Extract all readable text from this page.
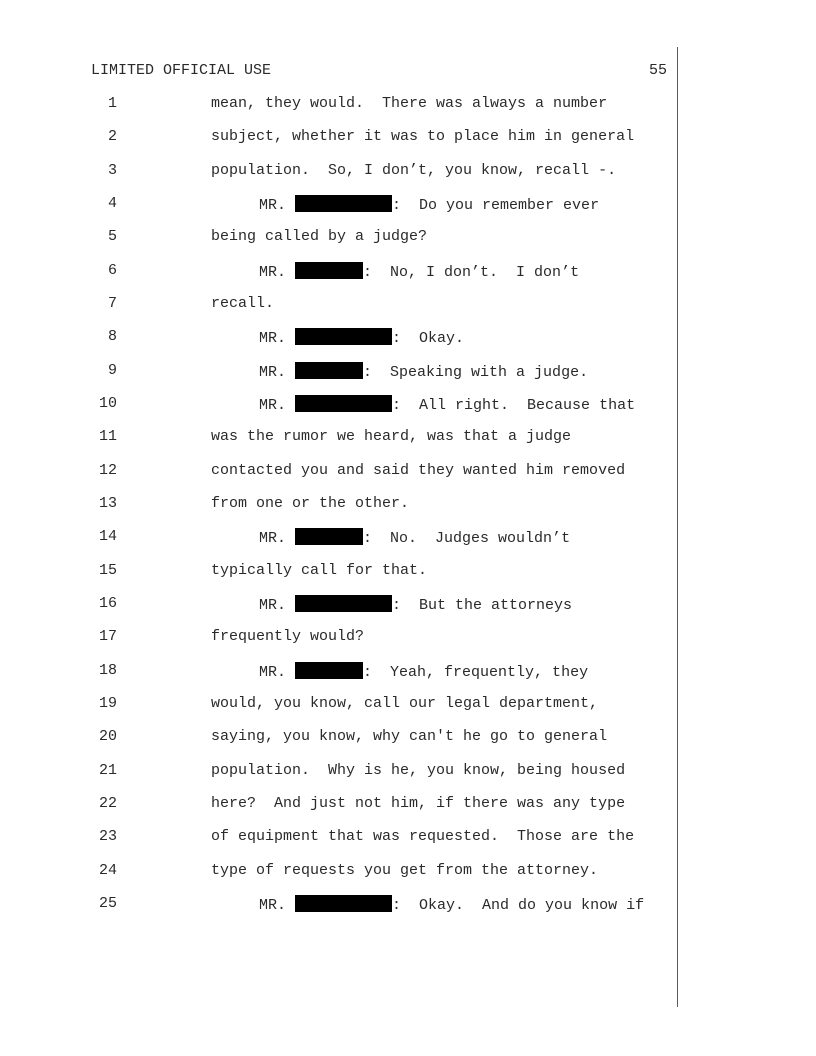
LIMITED OFFICIAL USE	55
1	mean, they would.  There was always a number
2	subject, whether it was to place him in general
3	population.  So, I don’t, you know, recall -.
4	MR.	:  Do you remember ever
5	being called by a judge?
6	MR.	:  No, I don’t.  I don’t
7	recall.
8	MR.	:  Okay.
9	MR.	:  Speaking with a judge.
10	MR.	:  All right.  Because that
11	was the rumor we heard, was that a judge
12	contacted you and said they wanted him removed
13	from one or the other.
14	MR.	:  No.  Judges wouldn’t
15	typically call for that.
16	MR.	:  But the attorneys
17	frequently would?
18	MR.	:  Yeah, frequently, they
19	would, you know, call our legal department,
20	saying, you know, why can't he go to general
21	population.  Why is he, you know, being housed
22	here?  And just not him, if there was any type
23	of equipment that was requested.  Those are the
24	type of requests you get from the attorney.
25	MR.	:  Okay.  And do you know if
